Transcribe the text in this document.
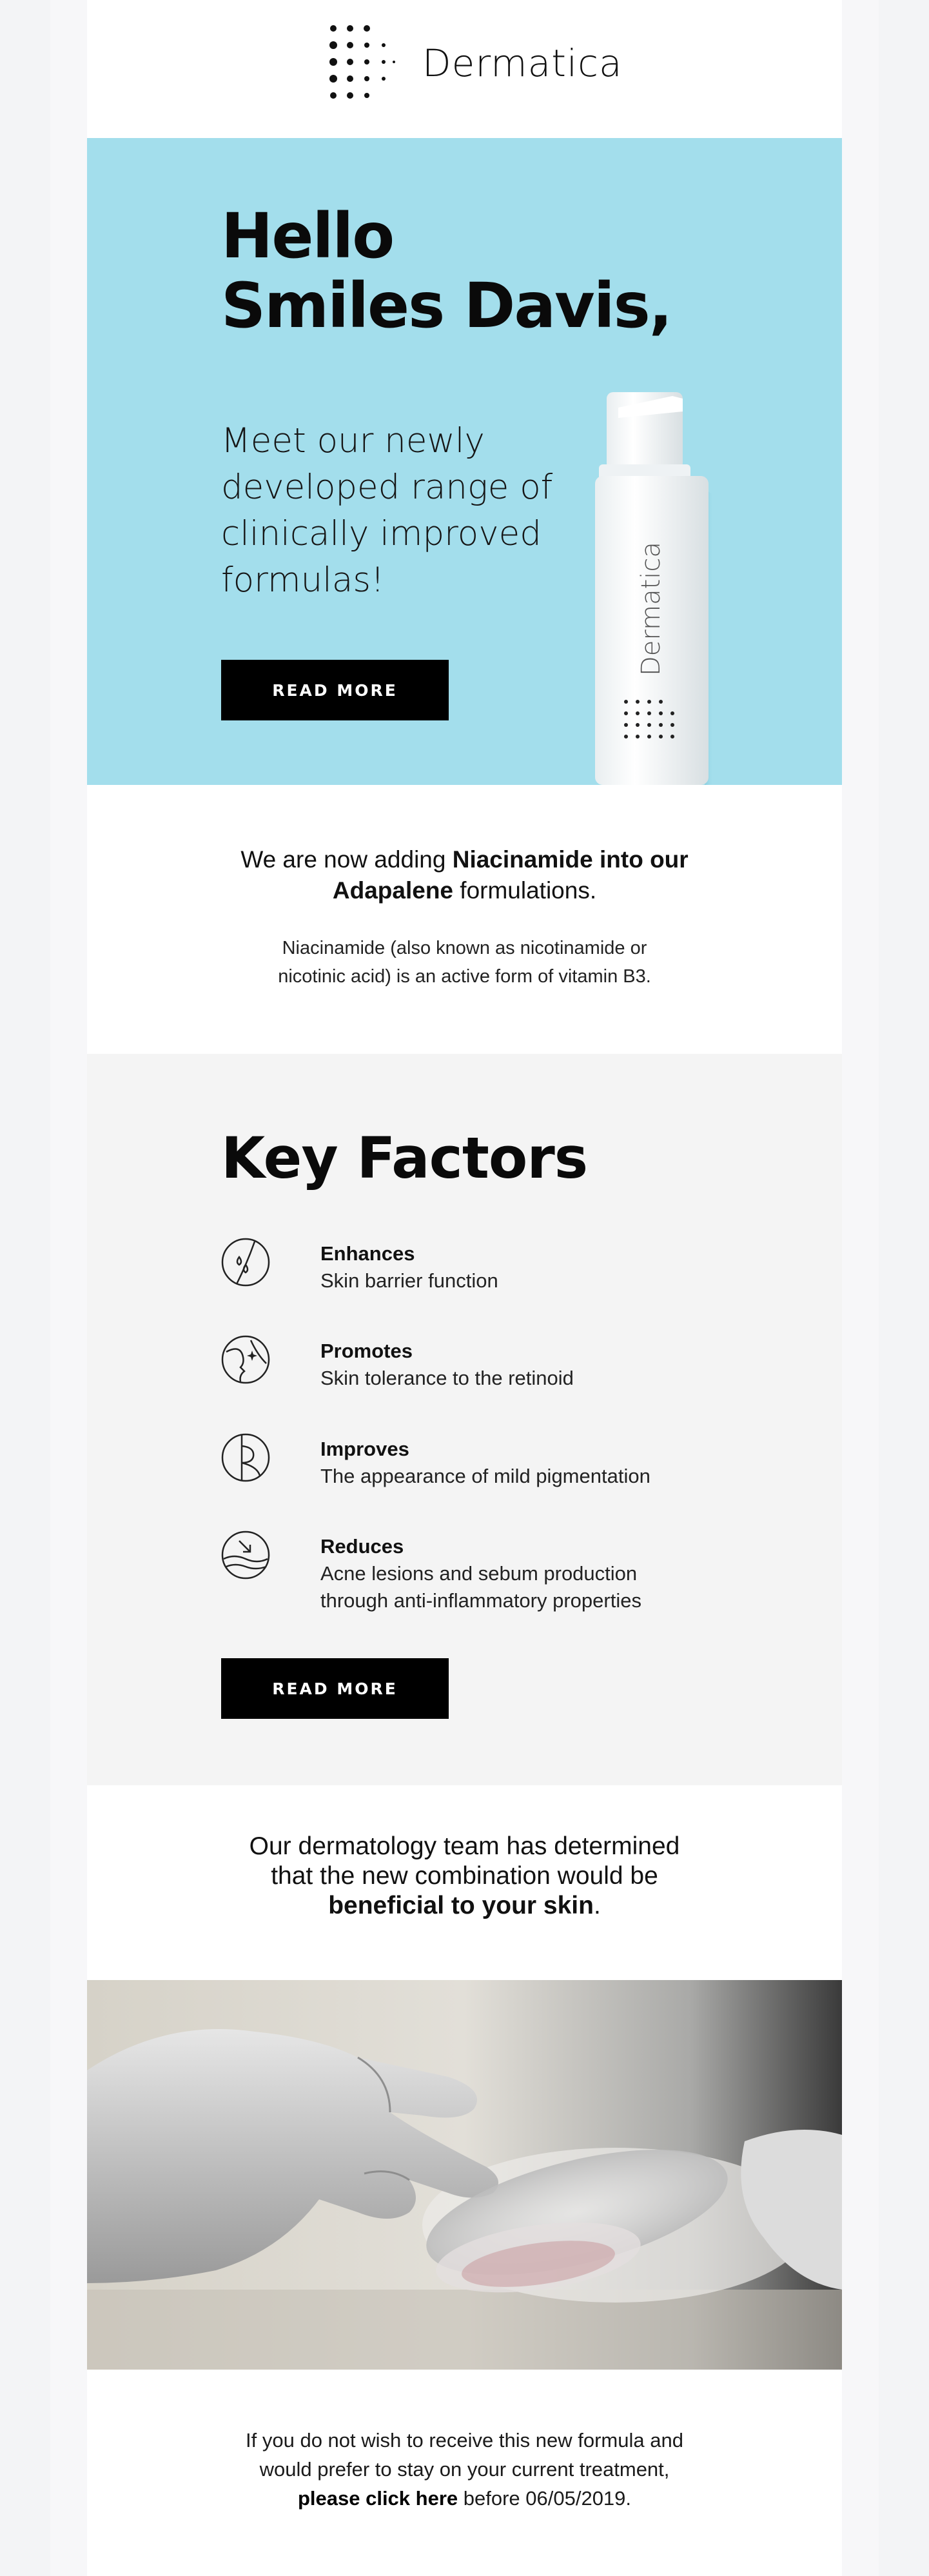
Dermatica
Hello
Smiles Davis,
Meet our newly developed range of clinically improved formulas!
READ MORE
Dermatica
We are now adding Niacinamide into our Adapalene formulations.
Niacinamide (also known as nicotinamide or nicotinic acid) is an active form of vitamin B3.
Key Factors
Enhances
Skin barrier function
Promotes
Skin tolerance to the retinoid
Improves
The appearance of mild pigmentation
Reduces
Acne lesions and sebum production through anti-inflammatory properties
READ MORE
Our dermatology team has determined that the new combination would be beneficial to your skin.
If you do not wish to receive this new formula and would prefer to stay on your current treatment, please click here before 06/05/2019.
